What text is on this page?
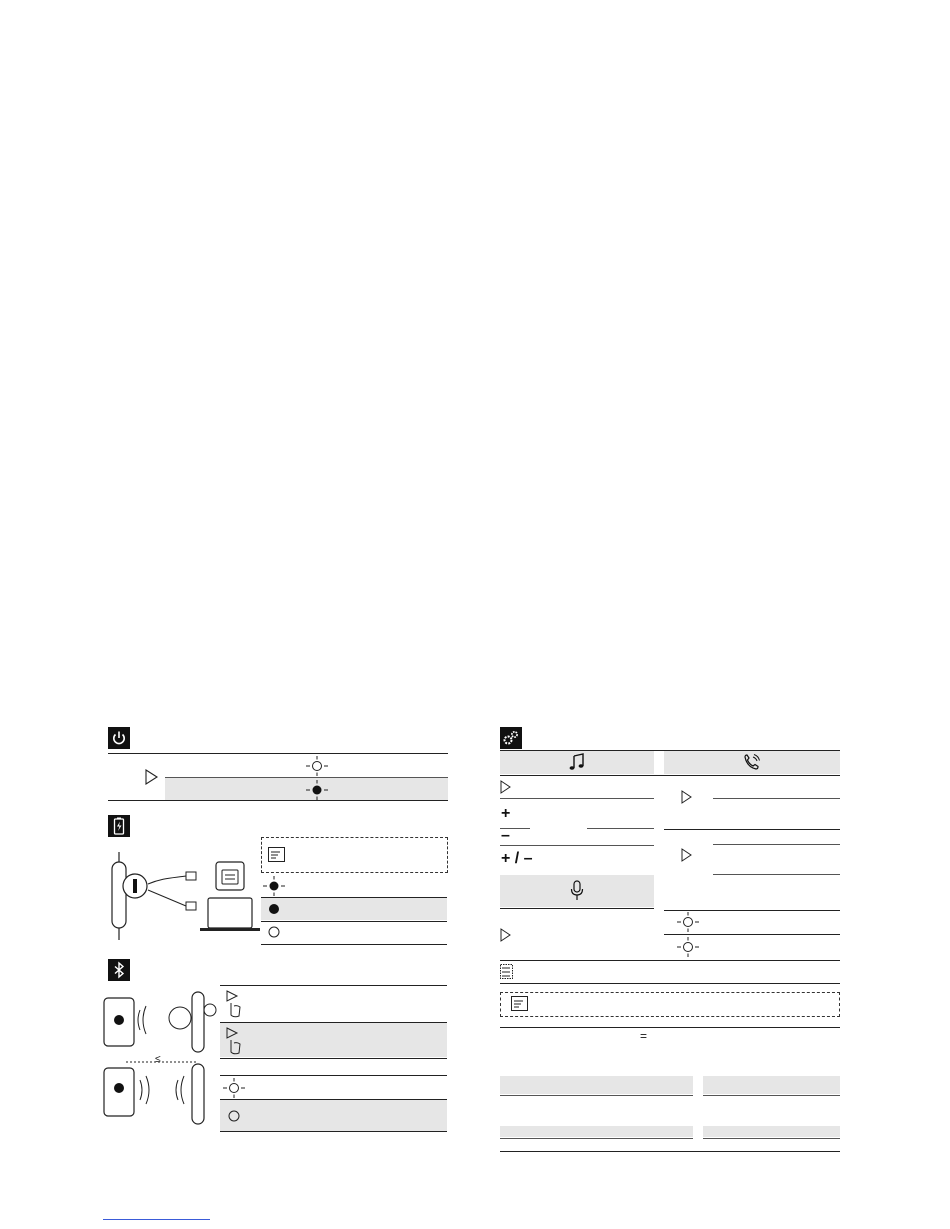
≤
+
–
+ / –
=
